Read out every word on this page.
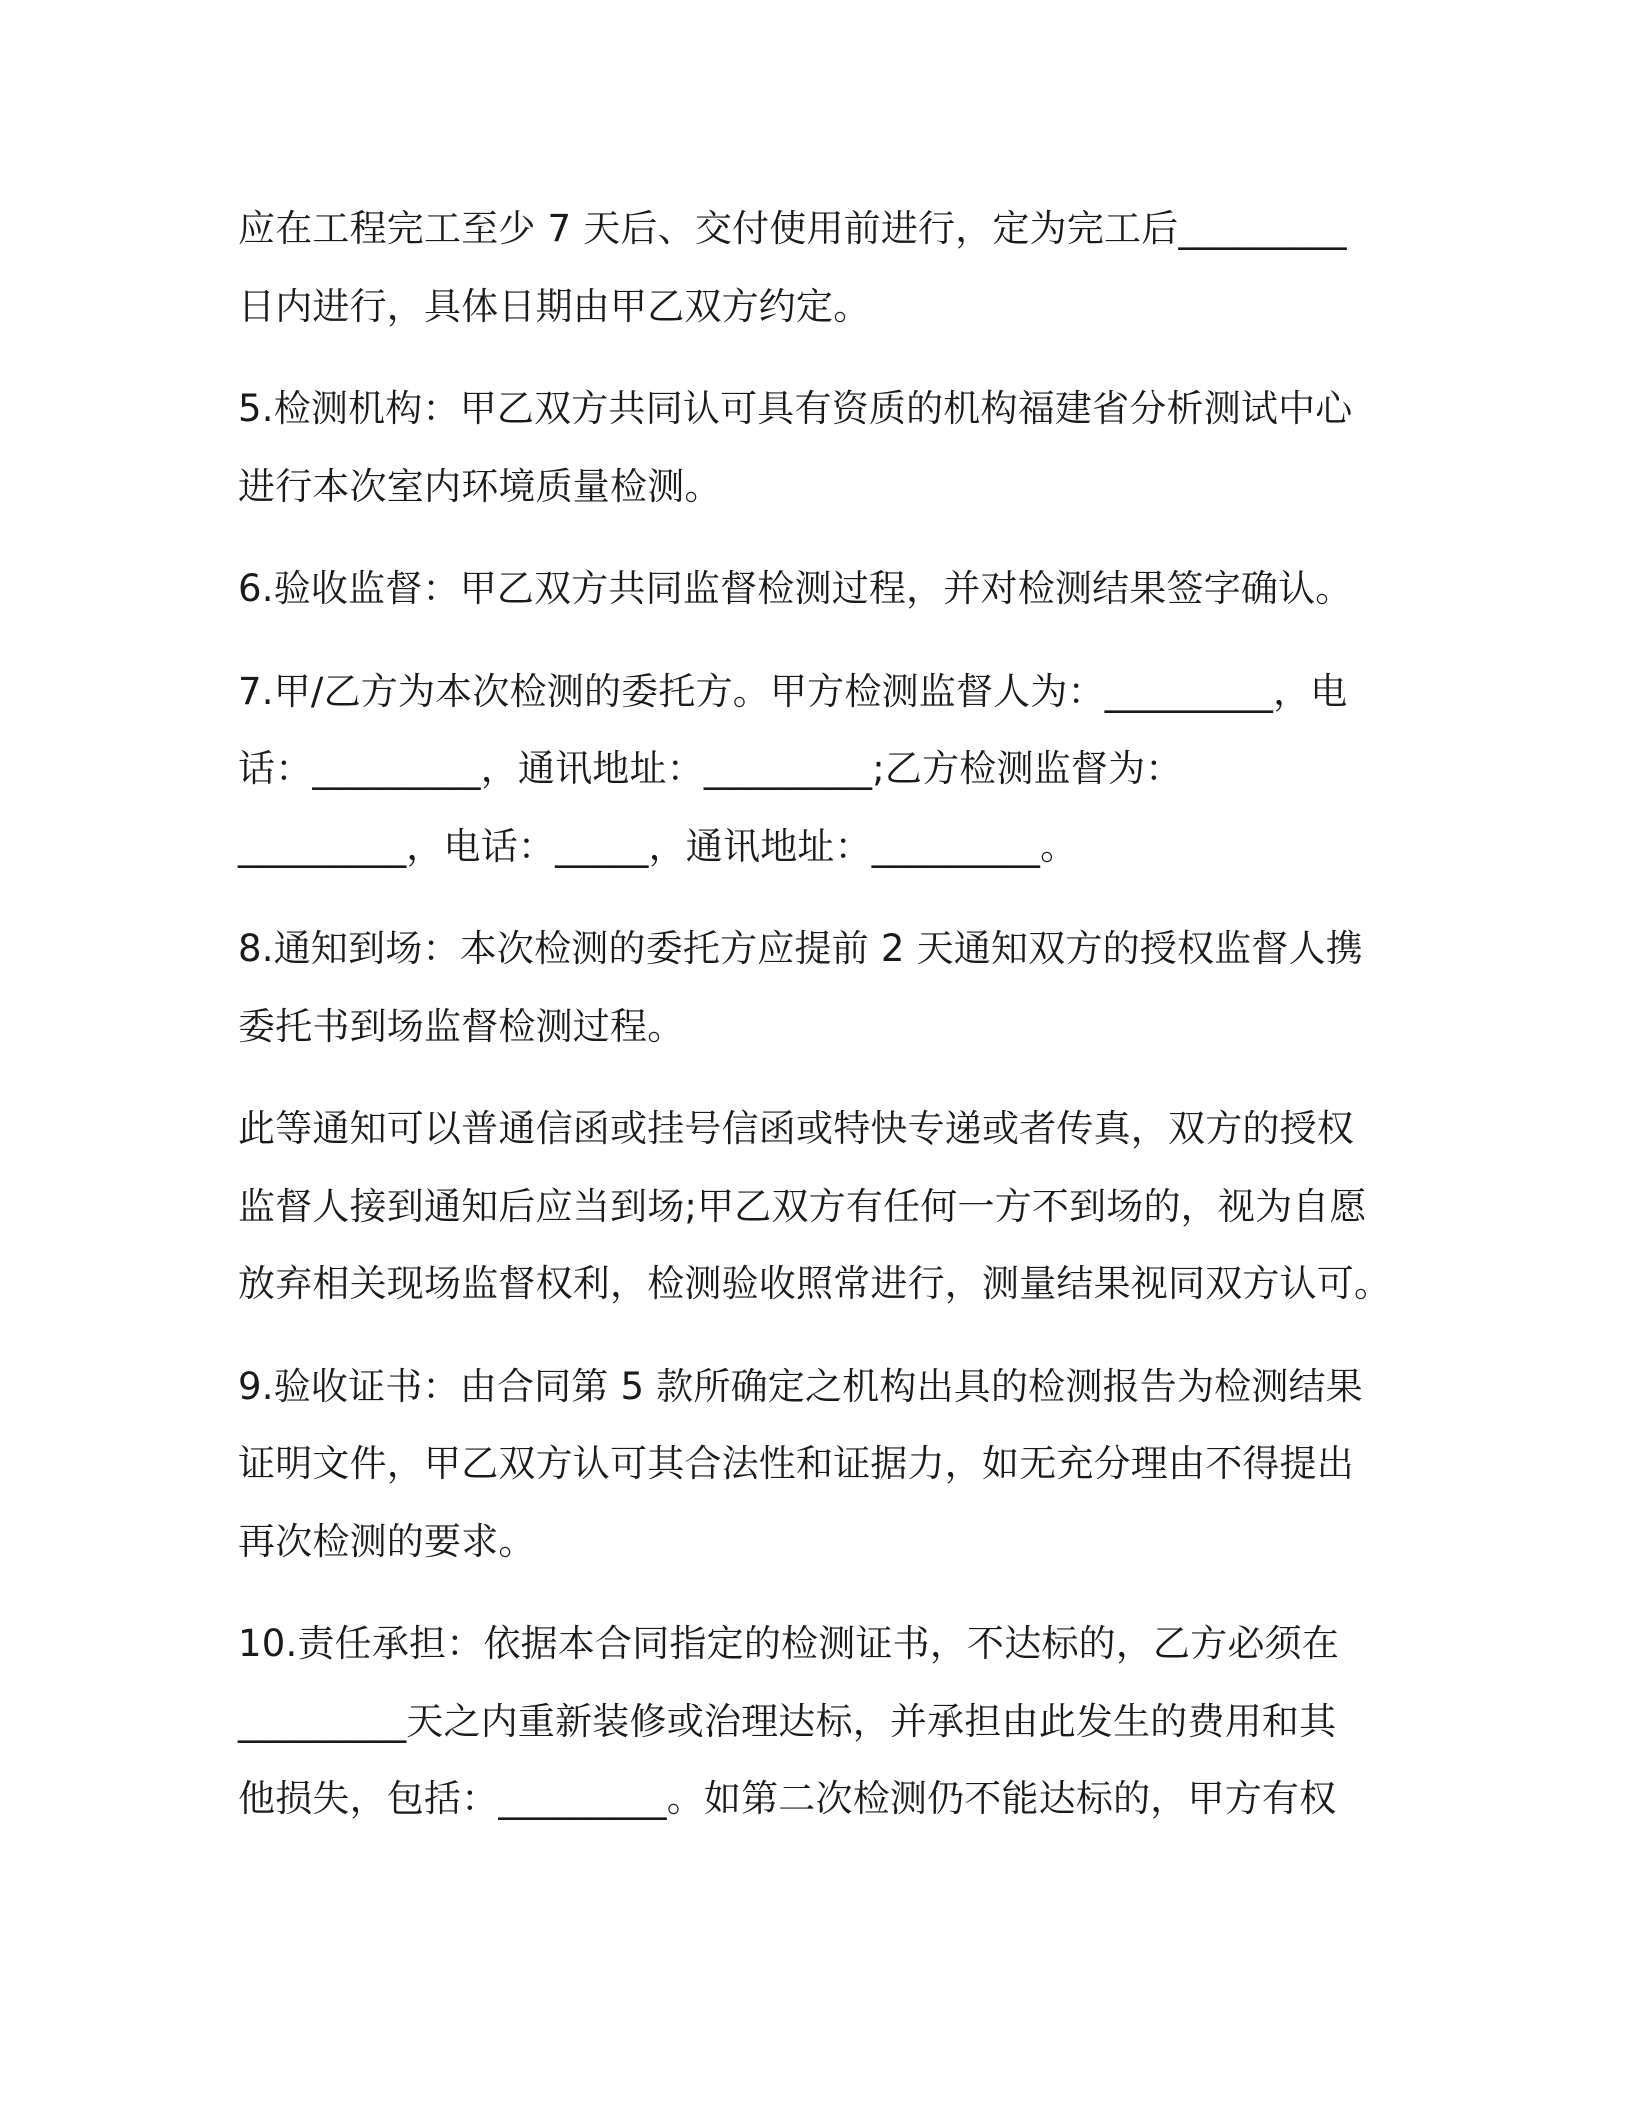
应在工程完工至少 7 天后、交付使用前进行，定为完工后_________
日内进行，具体日期由甲乙双方约定。
5.检测机构：甲乙双方共同认可具有资质的机构福建省分析测试中心
进行本次室内环境质量检测。
6.验收监督：甲乙双方共同监督检测过程，并对检测结果签字确认。
7.甲/乙方为本次检测的委托方。甲方检测监督人为：_________，电
话：_________，通讯地址：_________;乙方检测监督为：
_________，电话：_____，通讯地址：_________。
8.通知到场：本次检测的委托方应提前 2 天通知双方的授权监督人携
委托书到场监督检测过程。
此等通知可以普通信函或挂号信函或特快专递或者传真，双方的授权
监督人接到通知后应当到场;甲乙双方有任何一方不到场的，视为自愿
放弃相关现场监督权利，检测验收照常进行，测量结果视同双方认可。
9.验收证书：由合同第 5 款所确定之机构出具的检测报告为检测结果
证明文件，甲乙双方认可其合法性和证据力，如无充分理由不得提出
再次检测的要求。
10.责任承担：依据本合同指定的检测证书，不达标的，乙方必须在
_________天之内重新装修或治理达标，并承担由此发生的费用和其
他损失，包括：_________。如第二次检测仍不能达标的，甲方有权
